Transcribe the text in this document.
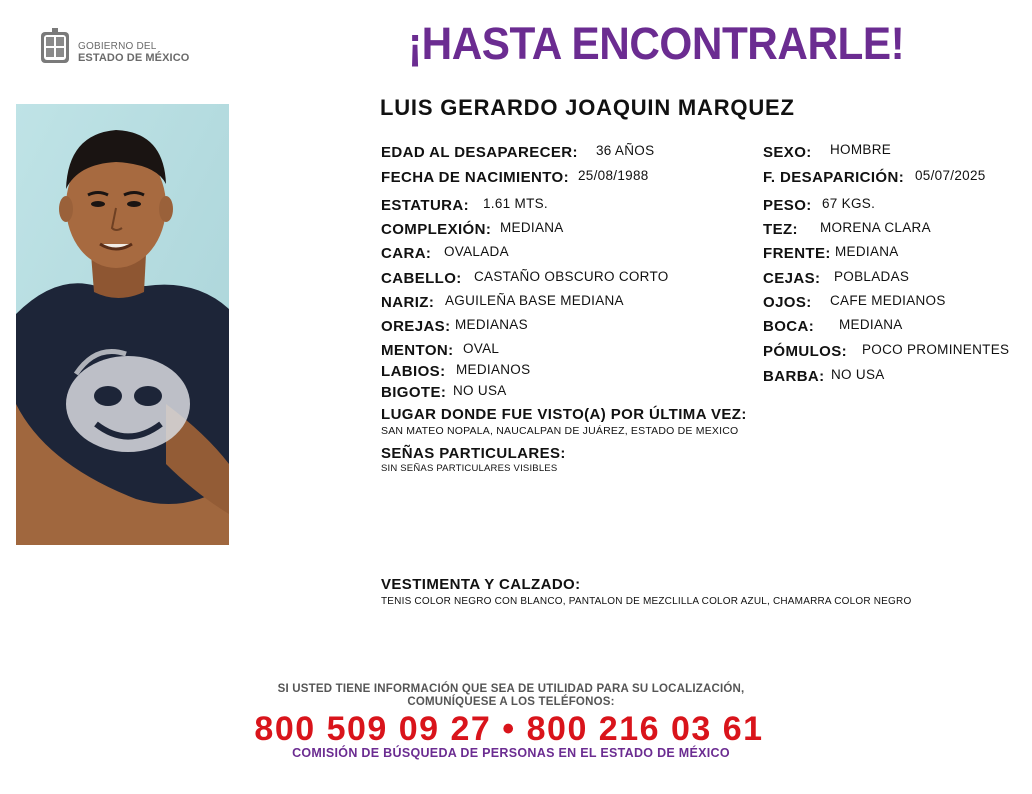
GOBIERNO DEL
ESTADO DE MÉXICO	¡HASTA ENCONTRARLE!
LUIS GERARDO JOAQUIN MARQUEZ
EDAD AL DESAPARECER: 36 AÑOS
FECHA DE NACIMIENTO: 25/08/1988
ESTATURA: 1.61 MTS.
COMPLEXIÓN: MEDIANA
CARA: OVALADA
CABELLO: CASTAÑO OBSCURO CORTO
NARIZ: AGUILEÑA BASE MEDIANA
OREJAS: MEDIANAS
MENTON: OVAL
LABIOS: MEDIANOS
BIGOTE: NO USA
SEXO: HOMBRE
F. DESAPARICIÓN: 05/07/2025
PESO: 67 KGS.
TEZ: MORENA CLARA
FRENTE: MEDIANA
CEJAS: POBLADAS
OJOS: CAFE MEDIANOS
BOCA: MEDIANA
PÓMULOS: POCO PROMINENTES
BARBA: NO USA
LUGAR DONDE FUE VISTO(A) POR ÚLTIMA VEZ:
SAN MATEO NOPALA, NAUCALPAN DE JUÁREZ, ESTADO DE MEXICO
SEÑAS PARTICULARES:
SIN SEÑAS PARTICULARES VISIBLES
VESTIMENTA Y CALZADO:
TENIS COLOR NEGRO CON BLANCO, PANTALON DE MEZCLILLA COLOR AZUL, CHAMARRA COLOR NEGRO
SI USTED TIENE INFORMACIÓN QUE SEA DE UTILIDAD PARA SU LOCALIZACIÓN,
COMUNÍQUESE A LOS TELÉFONOS:
800 509 09 27 • 800 216 03 61
COMISIÓN DE BÚSQUEDA DE PERSONAS EN EL ESTADO DE MÉXICO
